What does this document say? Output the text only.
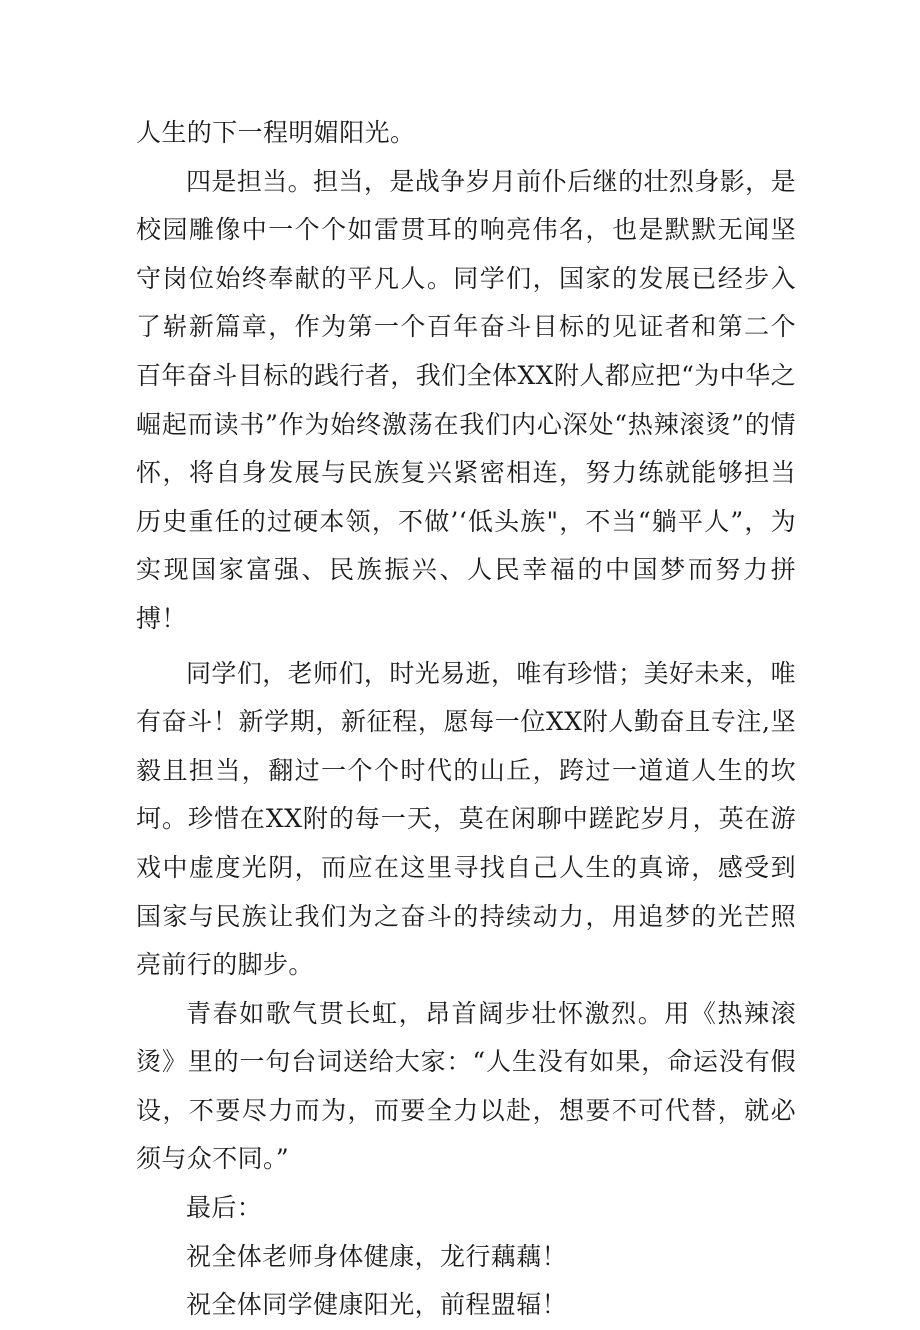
人生的下一程明媚阳光。

四是担当。担当，是战争岁月前仆后继的壮烈身影，是校园雕像中一个个如雷贯耳的响亮伟名，也是默默无闻坚守岗位始终奉献的平凡人。同学们，国家的发展已经步入了崭新篇章，作为第一个百年奋斗目标的见证者和第二个百年奋斗目标的践行者，我们全体XX附人都应把“为中华之崛起而读书”作为始终激荡在我们内心深处“热辣滚烫”的情怀，将自身发展与民族复兴紧密相连，努力练就能够担当历史重任的过硬本领，不做’‘低头族"，不当“躺平人”，为实现国家富强、民族振兴、人民幸福的中国梦而努力拼搏！

同学们，老师们，时光易逝，唯有珍惜；美好未来，唯有奋斗！新学期，新征程，愿每一位XX附人勤奋且专注,坚毅且担当，翻过一个个时代的山丘，跨过一道道人生的坎坷。珍惜在XX附的每一天，莫在闲聊中蹉跎岁月，英在游戏中虚度光阴，而应在这里寻找自己人生的真谛，感受到国家与民族让我们为之奋斗的持续动力，用追梦的光芒照亮前行的脚步。

青春如歌气贯长虹，昂首阔步壮怀激烈。用《热辣滚烫》里的一句台词送给大家：“人生没有如果，命运没有假设，不要尽力而为，而要全力以赴，想要不可代替，就必须与众不同。”

最后：

祝全体老师身体健康，龙行藕藕！

祝全体同学健康阳光，前程盟辐！
